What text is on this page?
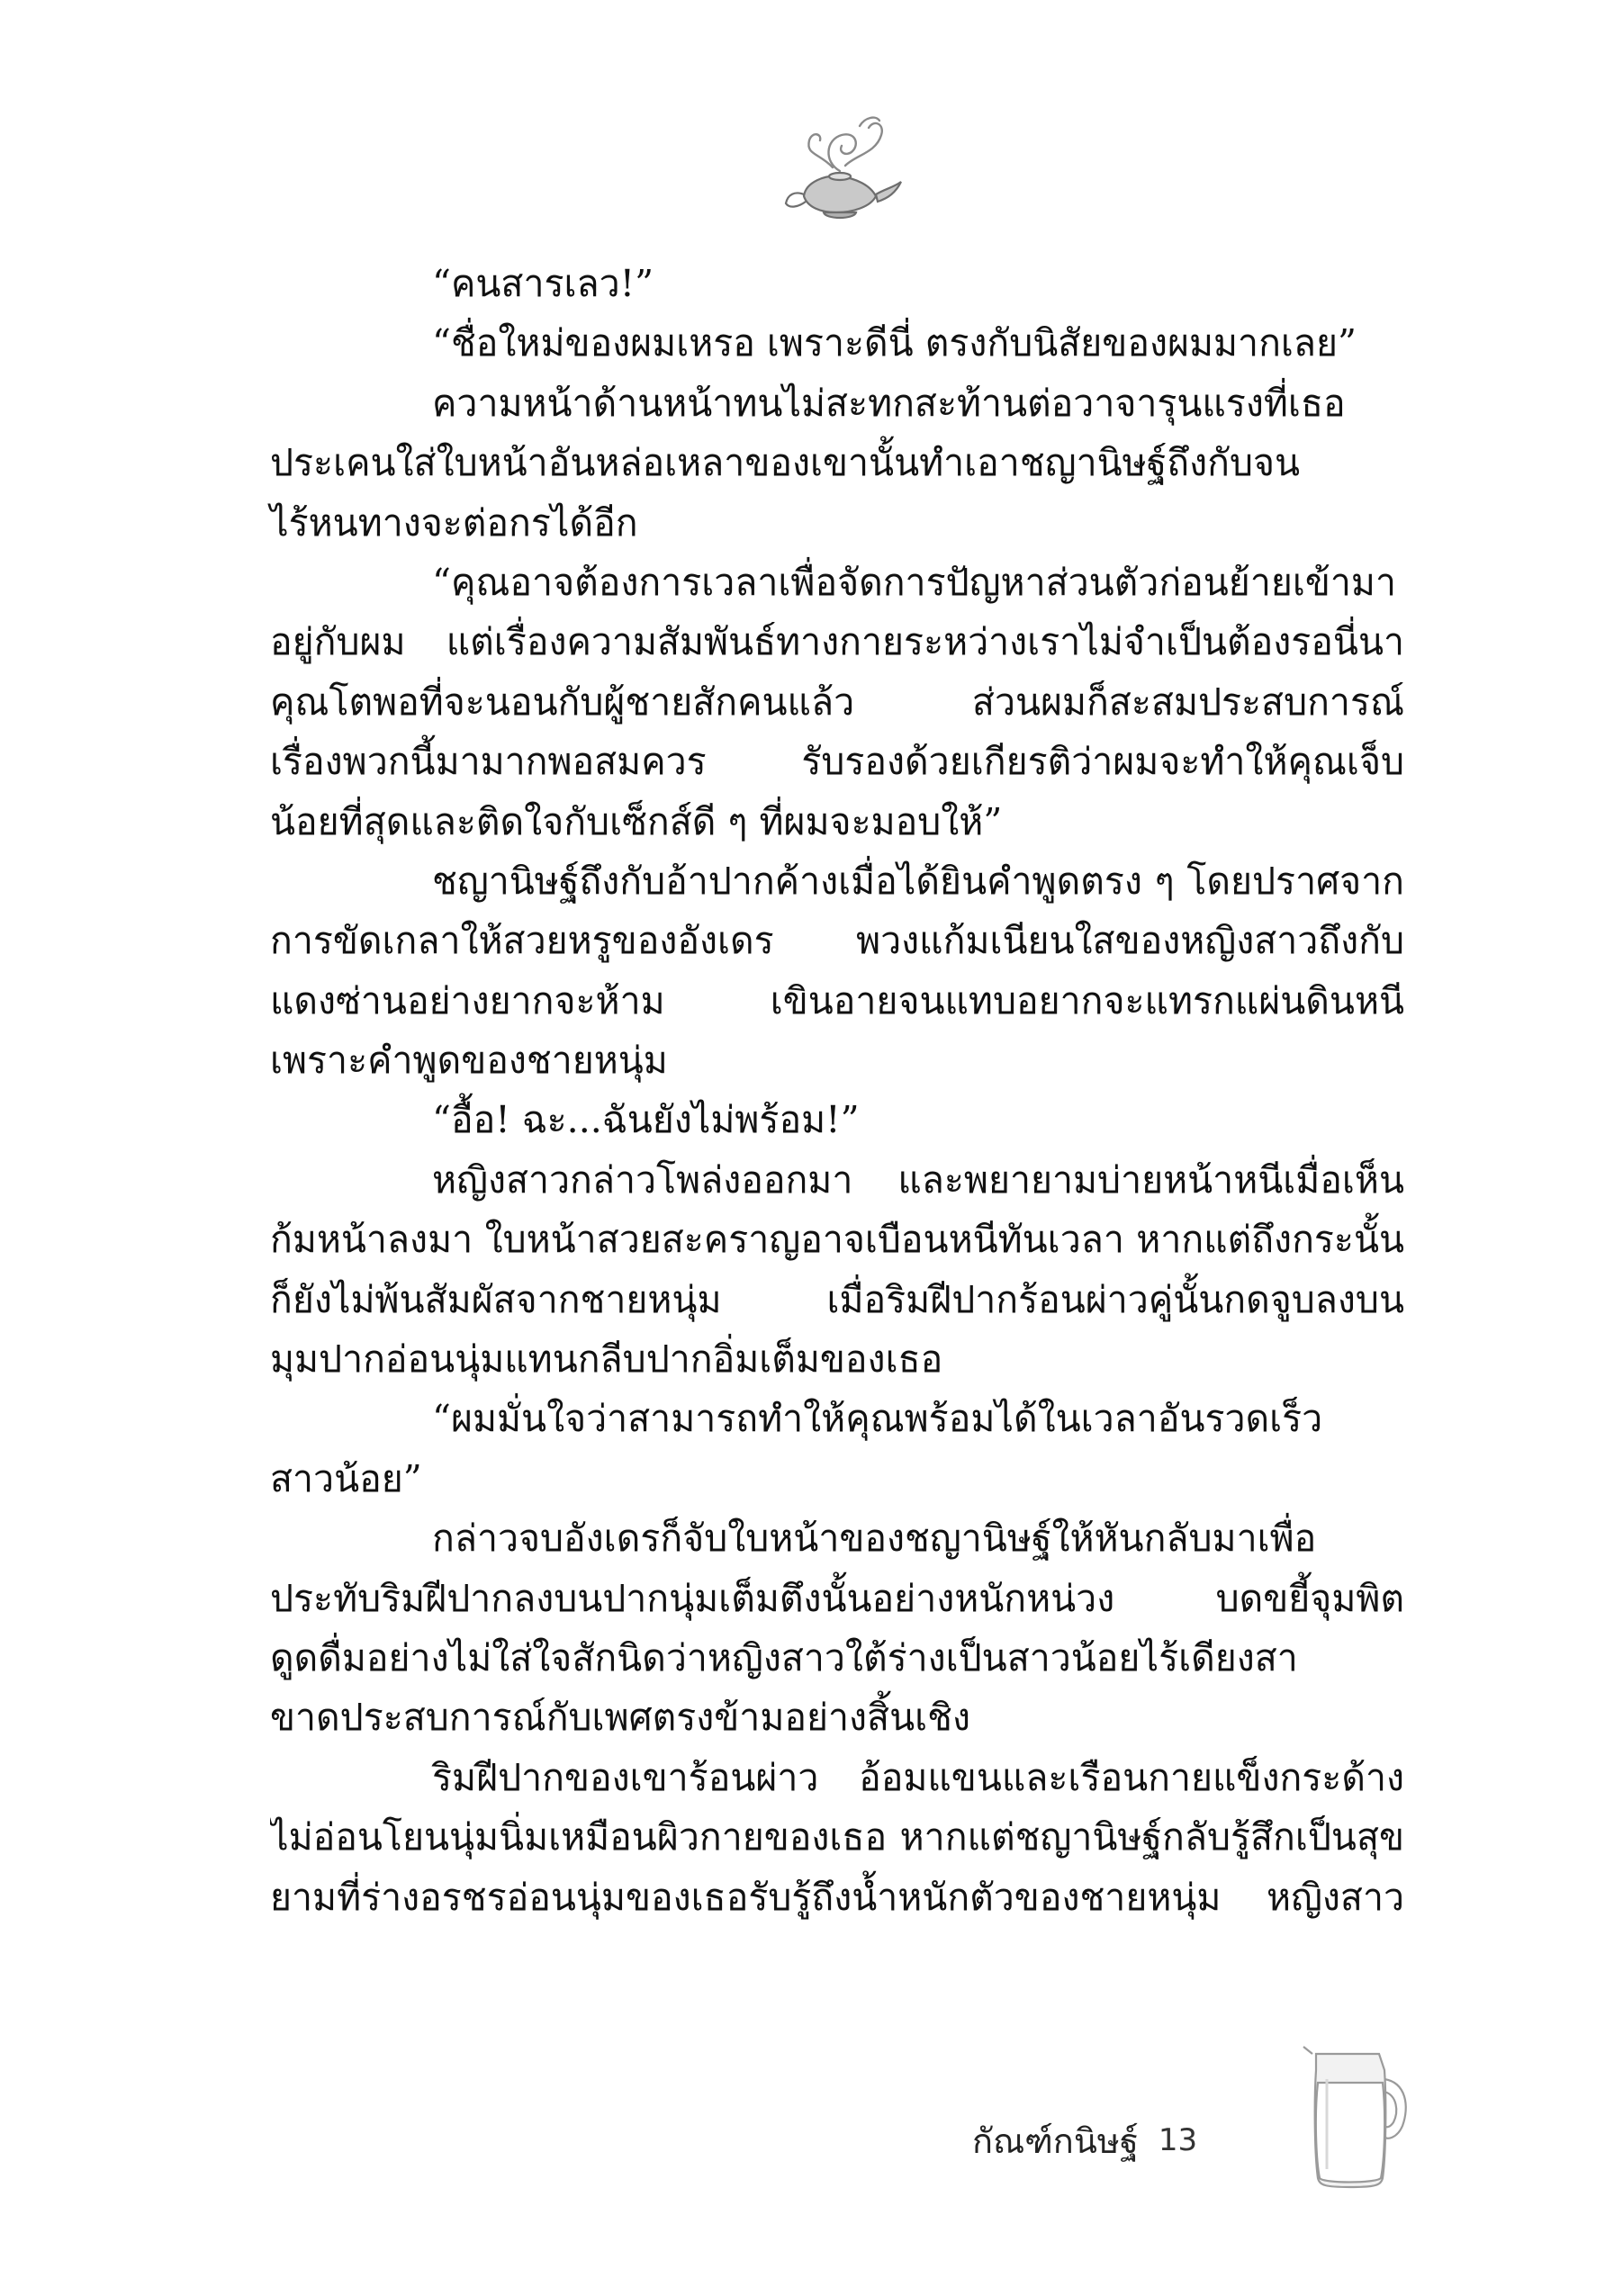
“คนสารเลว!”
“ชื่อใหม่ของผมเหรอ เพราะดีนี่ ตรงกับนิสัยของผมมากเลย”
ความหน้าด้านหน้าทนไม่สะทกสะท้านต่อวาจารุนแรงที่เธอ
ประเคนใส่ใบหน้าอันหล่อเหลาของเขานั้นทำเอาชญานิษฐ์ถึงกับจน
ไร้หนทางจะต่อกรได้อีก
“คุณอาจต้องการเวลาเพื่อจัดการปัญหาส่วนตัวก่อนย้ายเข้ามา
อยู่กับผม แต่เรื่องความสัมพันธ์ทางกายระหว่างเราไม่จำเป็นต้องรอนี่นา
คุณโตพอที่จะนอนกับผู้ชายสักคนแล้ว ส่วนผมก็สะสมประสบการณ์
เรื่องพวกนี้มามากพอสมควร รับรองด้วยเกียรติว่าผมจะทำให้คุณเจ็บ
น้อยที่สุดและติดใจกับเซ็กส์ดี ๆ ที่ผมจะมอบให้”
ชญานิษฐ์ถึงกับอ้าปากค้างเมื่อได้ยินคำพูดตรง ๆ โดยปราศจาก
การขัดเกลาให้สวยหรูของอังเดร พวงแก้มเนียนใสของหญิงสาวถึงกับ
แดงซ่านอย่างยากจะห้าม เขินอายจนแทบอยากจะแทรกแผ่นดินหนี
เพราะคำพูดของชายหนุ่ม
“อื้อ! ฉะ...ฉันยังไม่พร้อม!”
หญิงสาวกล่าวโพล่งออกมา และพยายามบ่ายหน้าหนีเมื่อเห็น
ก้มหน้าลงมา ใบหน้าสวยสะคราญอาจเบือนหนีทันเวลา หากแต่ถึงกระนั้น
ก็ยังไม่พ้นสัมผัสจากชายหนุ่ม เมื่อริมฝีปากร้อนผ่าวคู่นั้นกดจูบลงบน
มุมปากอ่อนนุ่มแทนกลีบปากอิ่มเต็มของเธอ
“ผมมั่นใจว่าสามารถทำให้คุณพร้อมได้ในเวลาอันรวดเร็ว
สาวน้อย”
กล่าวจบอังเดรก็จับใบหน้าของชญานิษฐ์ให้หันกลับมาเพื่อ
ประทับริมฝีปากลงบนปากนุ่มเต็มตึงนั้นอย่างหนักหน่วง บดขยี้จุมพิต
ดูดดื่มอย่างไม่ใส่ใจสักนิดว่าหญิงสาวใต้ร่างเป็นสาวน้อยไร้เดียงสา
ขาดประสบการณ์กับเพศตรงข้ามอย่างสิ้นเชิง
ริมฝีปากของเขาร้อนผ่าว อ้อมแขนและเรือนกายแข็งกระด้าง
ไม่อ่อนโยนนุ่มนิ่มเหมือนผิวกายของเธอ หากแต่ชญานิษฐ์กลับรู้สึกเป็นสุข
ยามที่ร่างอรชรอ่อนนุ่มของเธอรับรู้ถึงน้ำหนักตัวของชายหนุ่ม หญิงสาว
กัณฑ์กนิษฐ์ 13
